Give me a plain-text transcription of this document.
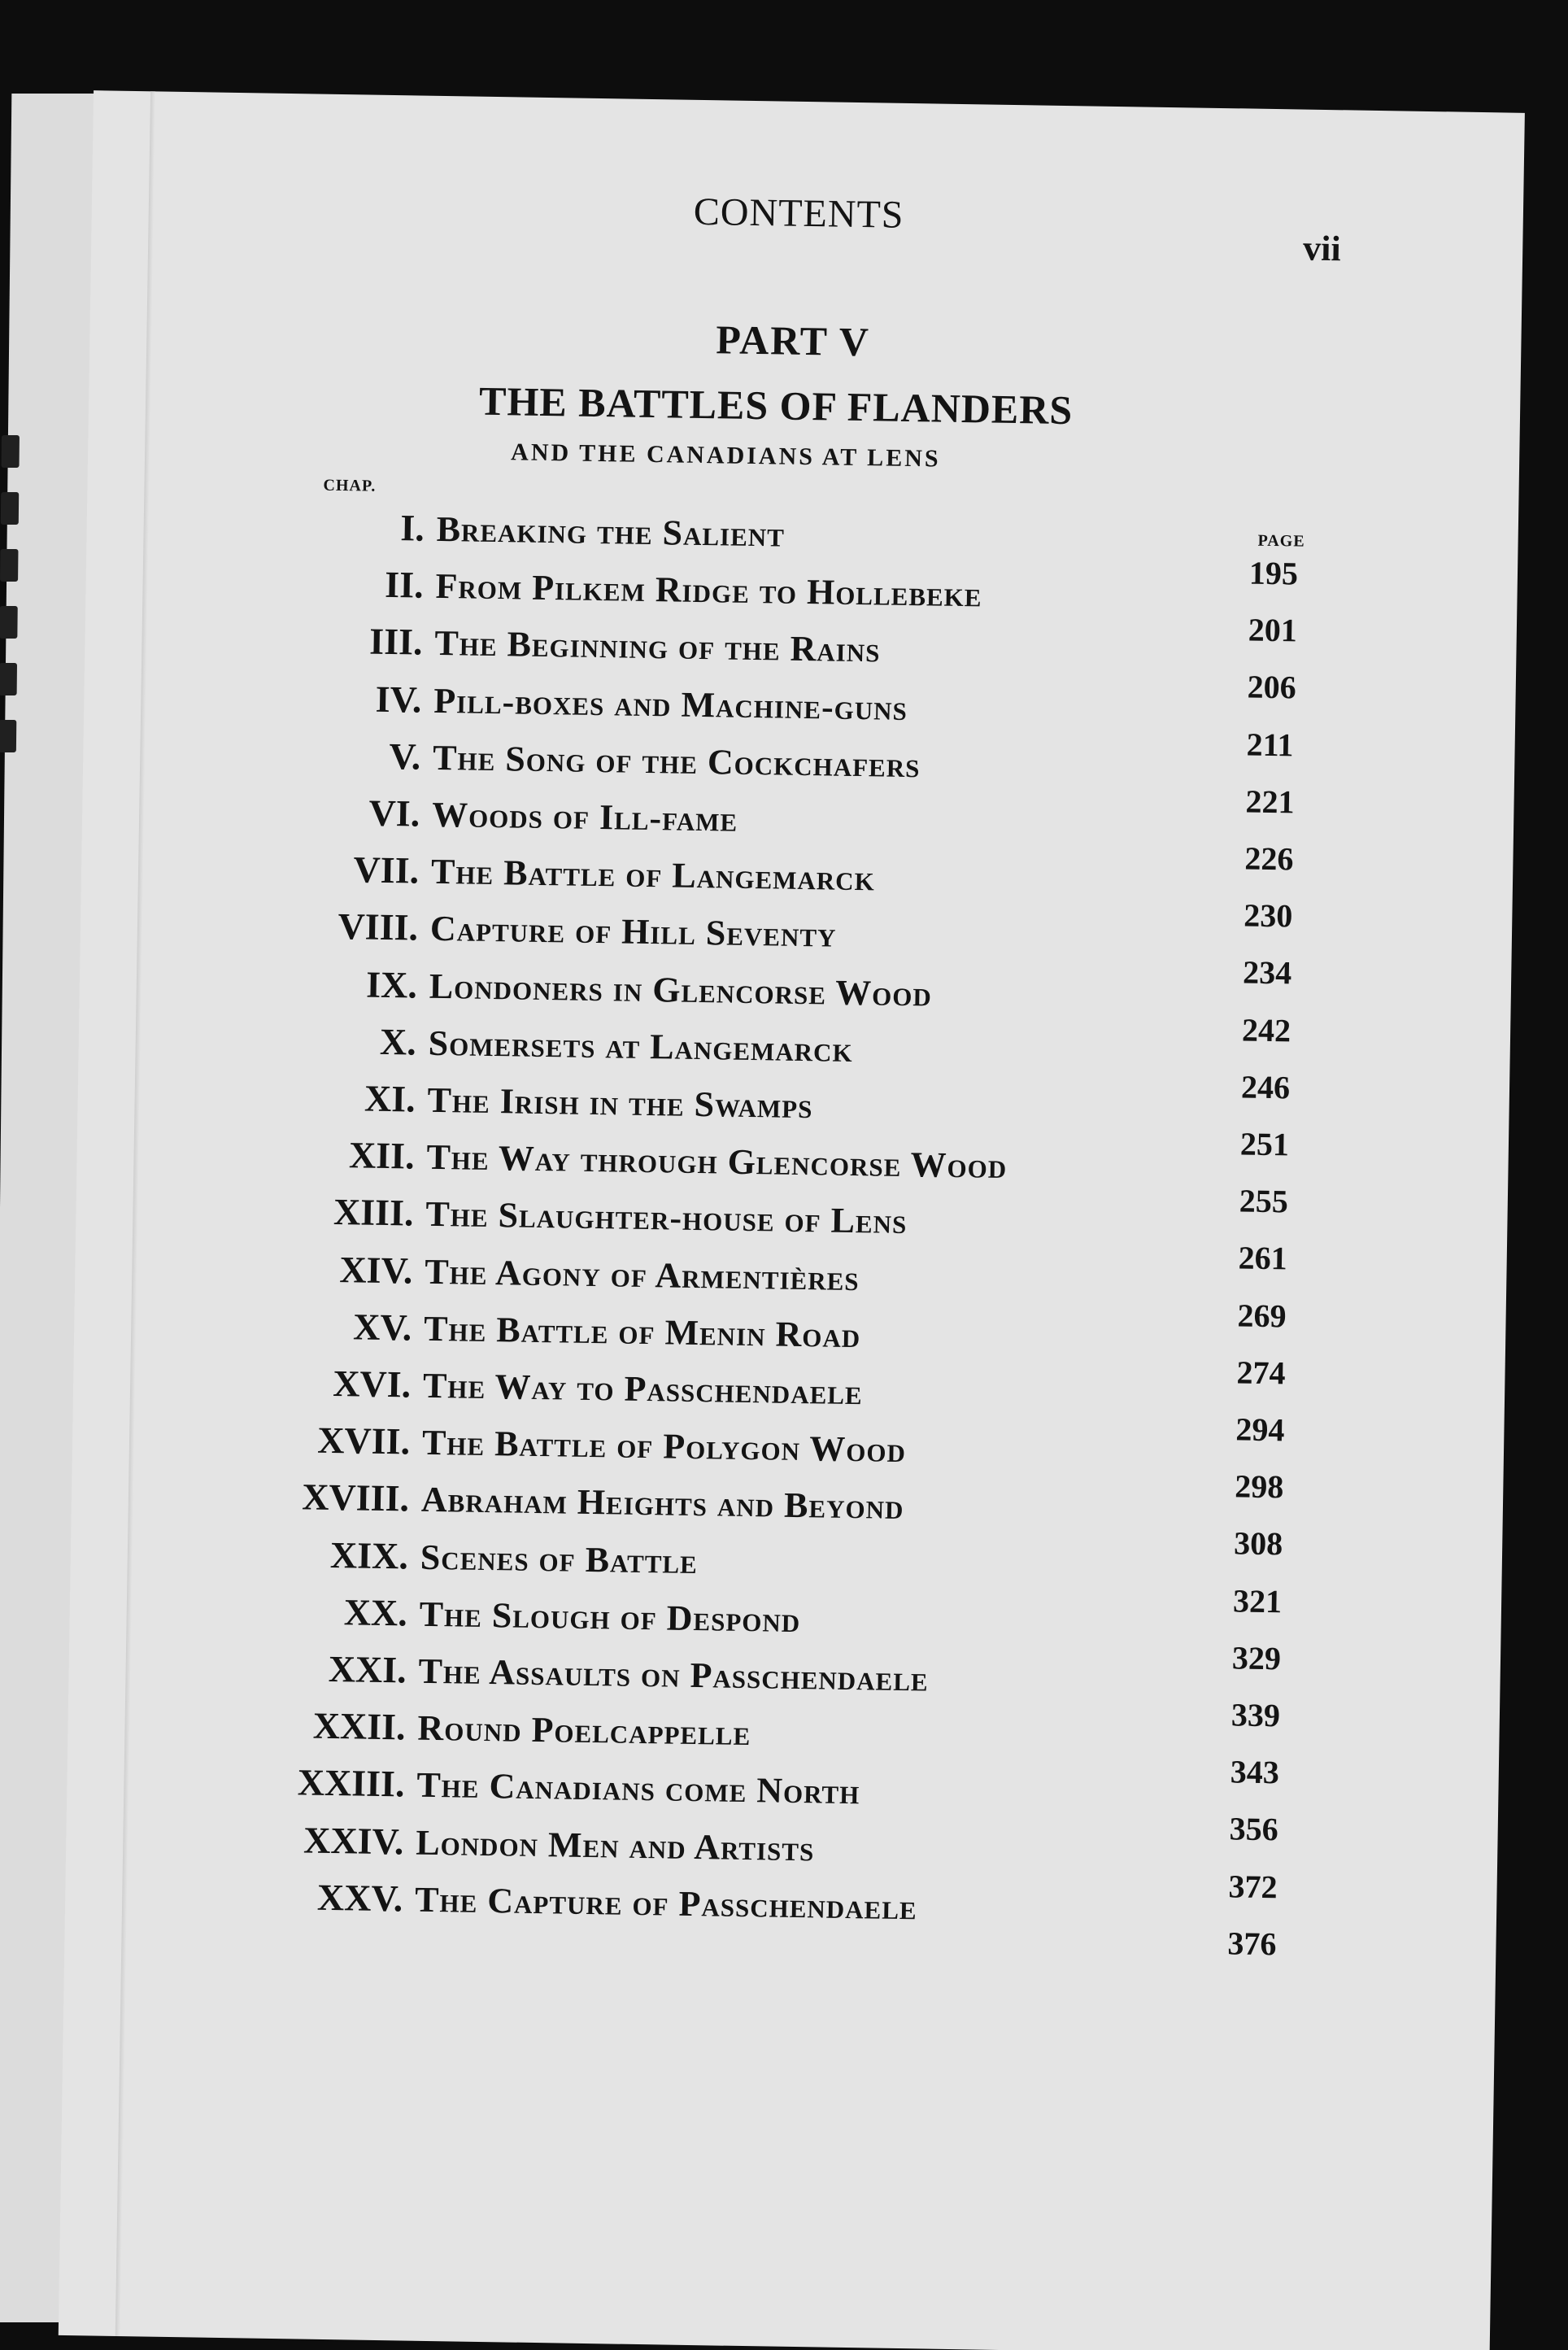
CONTENTS

vii

PART V

THE BATTLES OF FLANDERS

AND THE CANADIANS AT LENS

CHAP.

PAGE

I. Breaking the Salient
195
II. From Pilkem Ridge to Hollebeke
201
III. The Beginning of the Rains
206
IV. Pill-boxes and Machine-guns
211
V. The Song of the Cockchafers
221
VI. Woods of Ill-fame
226
VII. The Battle of Langemarck
230
VIII. Capture of Hill Seventy
234
IX. Londoners in Glencorse Wood
242
X. Somersets at Langemarck
246
XI. The Irish in the Swamps
251
XII. The Way through Glencorse Wood
255
XIII. The Slaughter-house of Lens
261
XIV. The Agony of Armentières
269
XV. The Battle of Menin Road
274
XVI. The Way to Passchendaele
294
XVII. The Battle of Polygon Wood
298
XVIII. Abraham Heights and Beyond
308
XIX. Scenes of Battle
321
XX. The Slough of Despond
329
XXI. The Assaults on Passchendaele
339
XXII. Round Poelcappelle
343
XXIII. The Canadians come North
356
XXIV. London Men and Artists
372
XXV. The Capture of Passchendaele
376
